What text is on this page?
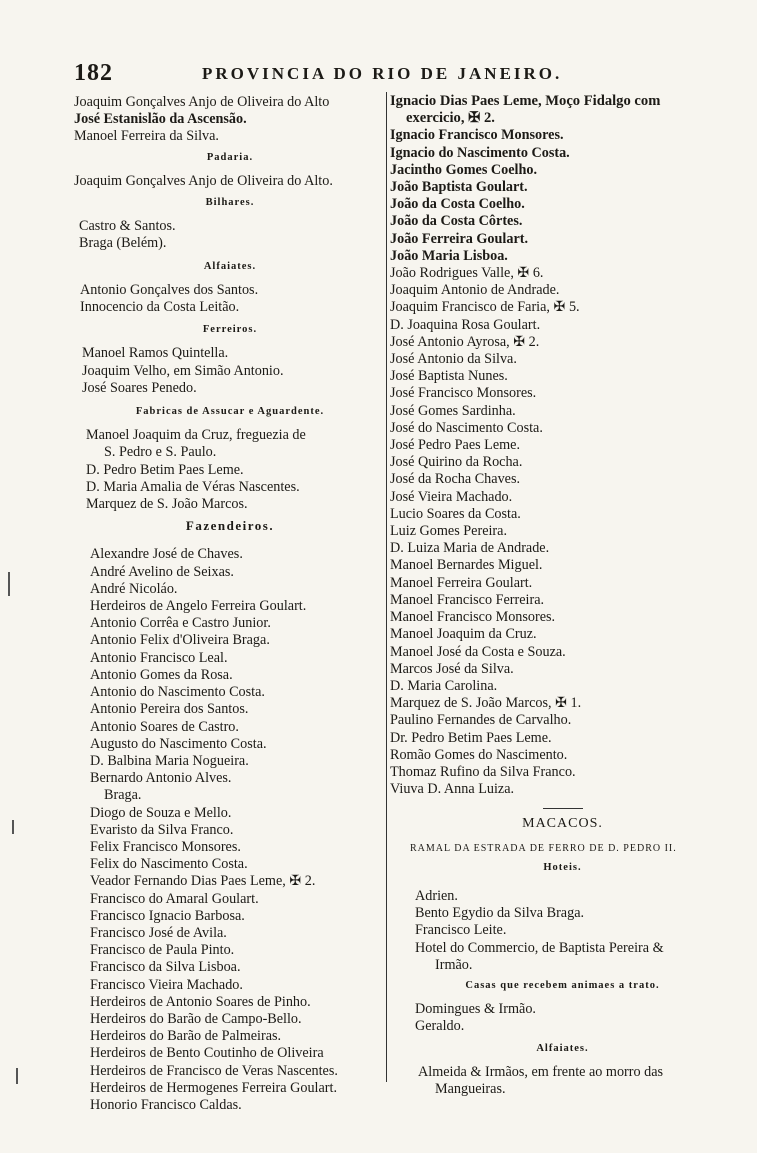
182	PROVINCIA DO RIO DE JANEIRO.
Joaquim Gonçalves Anjo de Oliveira do Alto
José Estanislão da Ascensão.
Manoel Ferreira da Silva.
Padaria.
Joaquim Gonçalves Anjo de Oliveira do Alto.
Bilhares.
Castro & Santos.
Braga (Belém).
Alfaiates.
Antonio Gonçalves dos Santos.
Innocencio da Costa Leitão.
Ferreiros.
Manoel Ramos Quintella.
Joaquim Velho, em Simão Antonio.
José Soares Penedo.
Fabricas de Assucar e Aguardente.
Manoel Joaquim da Cruz, freguezia de
S. Pedro e S. Paulo.
D. Pedro Betim Paes Leme.
D. Maria Amalia de Véras Nascentes.
Marquez de S. João Marcos.
Fazendeiros.
Alexandre José de Chaves.
André Avelino de Seixas.
André Nicoláo.
Herdeiros de Angelo Ferreira Goulart.
Antonio Corrêa e Castro Junior.
Antonio Felix d'Oliveira Braga.
Antonio Francisco Leal.
Antonio Gomes da Rosa.
Antonio do Nascimento Costa.
Antonio Pereira dos Santos.
Antonio Soares de Castro.
Augusto do Nascimento Costa.
D. Balbina Maria Nogueira.
Bernardo Antonio Alves.
Braga.
Diogo de Souza e Mello.
Evaristo da Silva Franco.
Felix Francisco Monsores.
Felix do Nascimento Costa.
Veador Fernando Dias Paes Leme, ✠ 2.
Francisco do Amaral Goulart.
Francisco Ignacio Barbosa.
Francisco José de Avila.
Francisco de Paula Pinto.
Francisco da Silva Lisboa.
Francisco Vieira Machado.
Herdeiros de Antonio Soares de Pinho.
Herdeiros do Barão de Campo-Bello.
Herdeiros do Barão de Palmeiras.
Herdeiros de Bento Coutinho de Oliveira
Herdeiros de Francisco de Veras Nascentes.
Herdeiros de Hermogenes Ferreira Goulart.
Honorio Francisco Caldas.
Ignacio Dias Paes Leme, Moço Fidalgo com
exercicio, ✠ 2.
Ignacio Francisco Monsores.
Ignacio do Nascimento Costa.
Jacintho Gomes Coelho.
João Baptista Goulart.
João da Costa Coelho.
João da Costa Côrtes.
João Ferreira Goulart.
João Maria Lisboa.
João Rodrigues Valle, ✠ 6.
Joaquim Antonio de Andrade.
Joaquim Francisco de Faria, ✠ 5.
D. Joaquina Rosa Goulart.
José Antonio Ayrosa, ✠ 2.
José Antonio da Silva.
José Baptista Nunes.
José Francisco Monsores.
José Gomes Sardinha.
José do Nascimento Costa.
José Pedro Paes Leme.
José Quirino da Rocha.
José da Rocha Chaves.
José Vieira Machado.
Lucio Soares da Costa.
Luiz Gomes Pereira.
D. Luiza Maria de Andrade.
Manoel Bernardes Miguel.
Manoel Ferreira Goulart.
Manoel Francisco Ferreira.
Manoel Francisco Monsores.
Manoel Joaquim da Cruz.
Manoel José da Costa e Souza.
Marcos José da Silva.
D. Maria Carolina.
Marquez de S. João Marcos, ✠ 1.
Paulino Fernandes de Carvalho.
Dr. Pedro Betim Paes Leme.
Romão Gomes do Nascimento.
Thomaz Rufino da Silva Franco.
Viuva D. Anna Luiza.
MACACOS.
RAMAL DA ESTRADA DE FERRO DE D. PEDRO II.
Hoteis.
Adrien.
Bento Egydio da Silva Braga.
Francisco Leite.
Hotel do Commercio, de Baptista Pereira &
Irmão.
Casas que recebem animaes a trato.
Domingues & Irmão.
Geraldo.
Alfaiates.
Almeida & Irmãos, em frente ao morro das
Mangueiras.
